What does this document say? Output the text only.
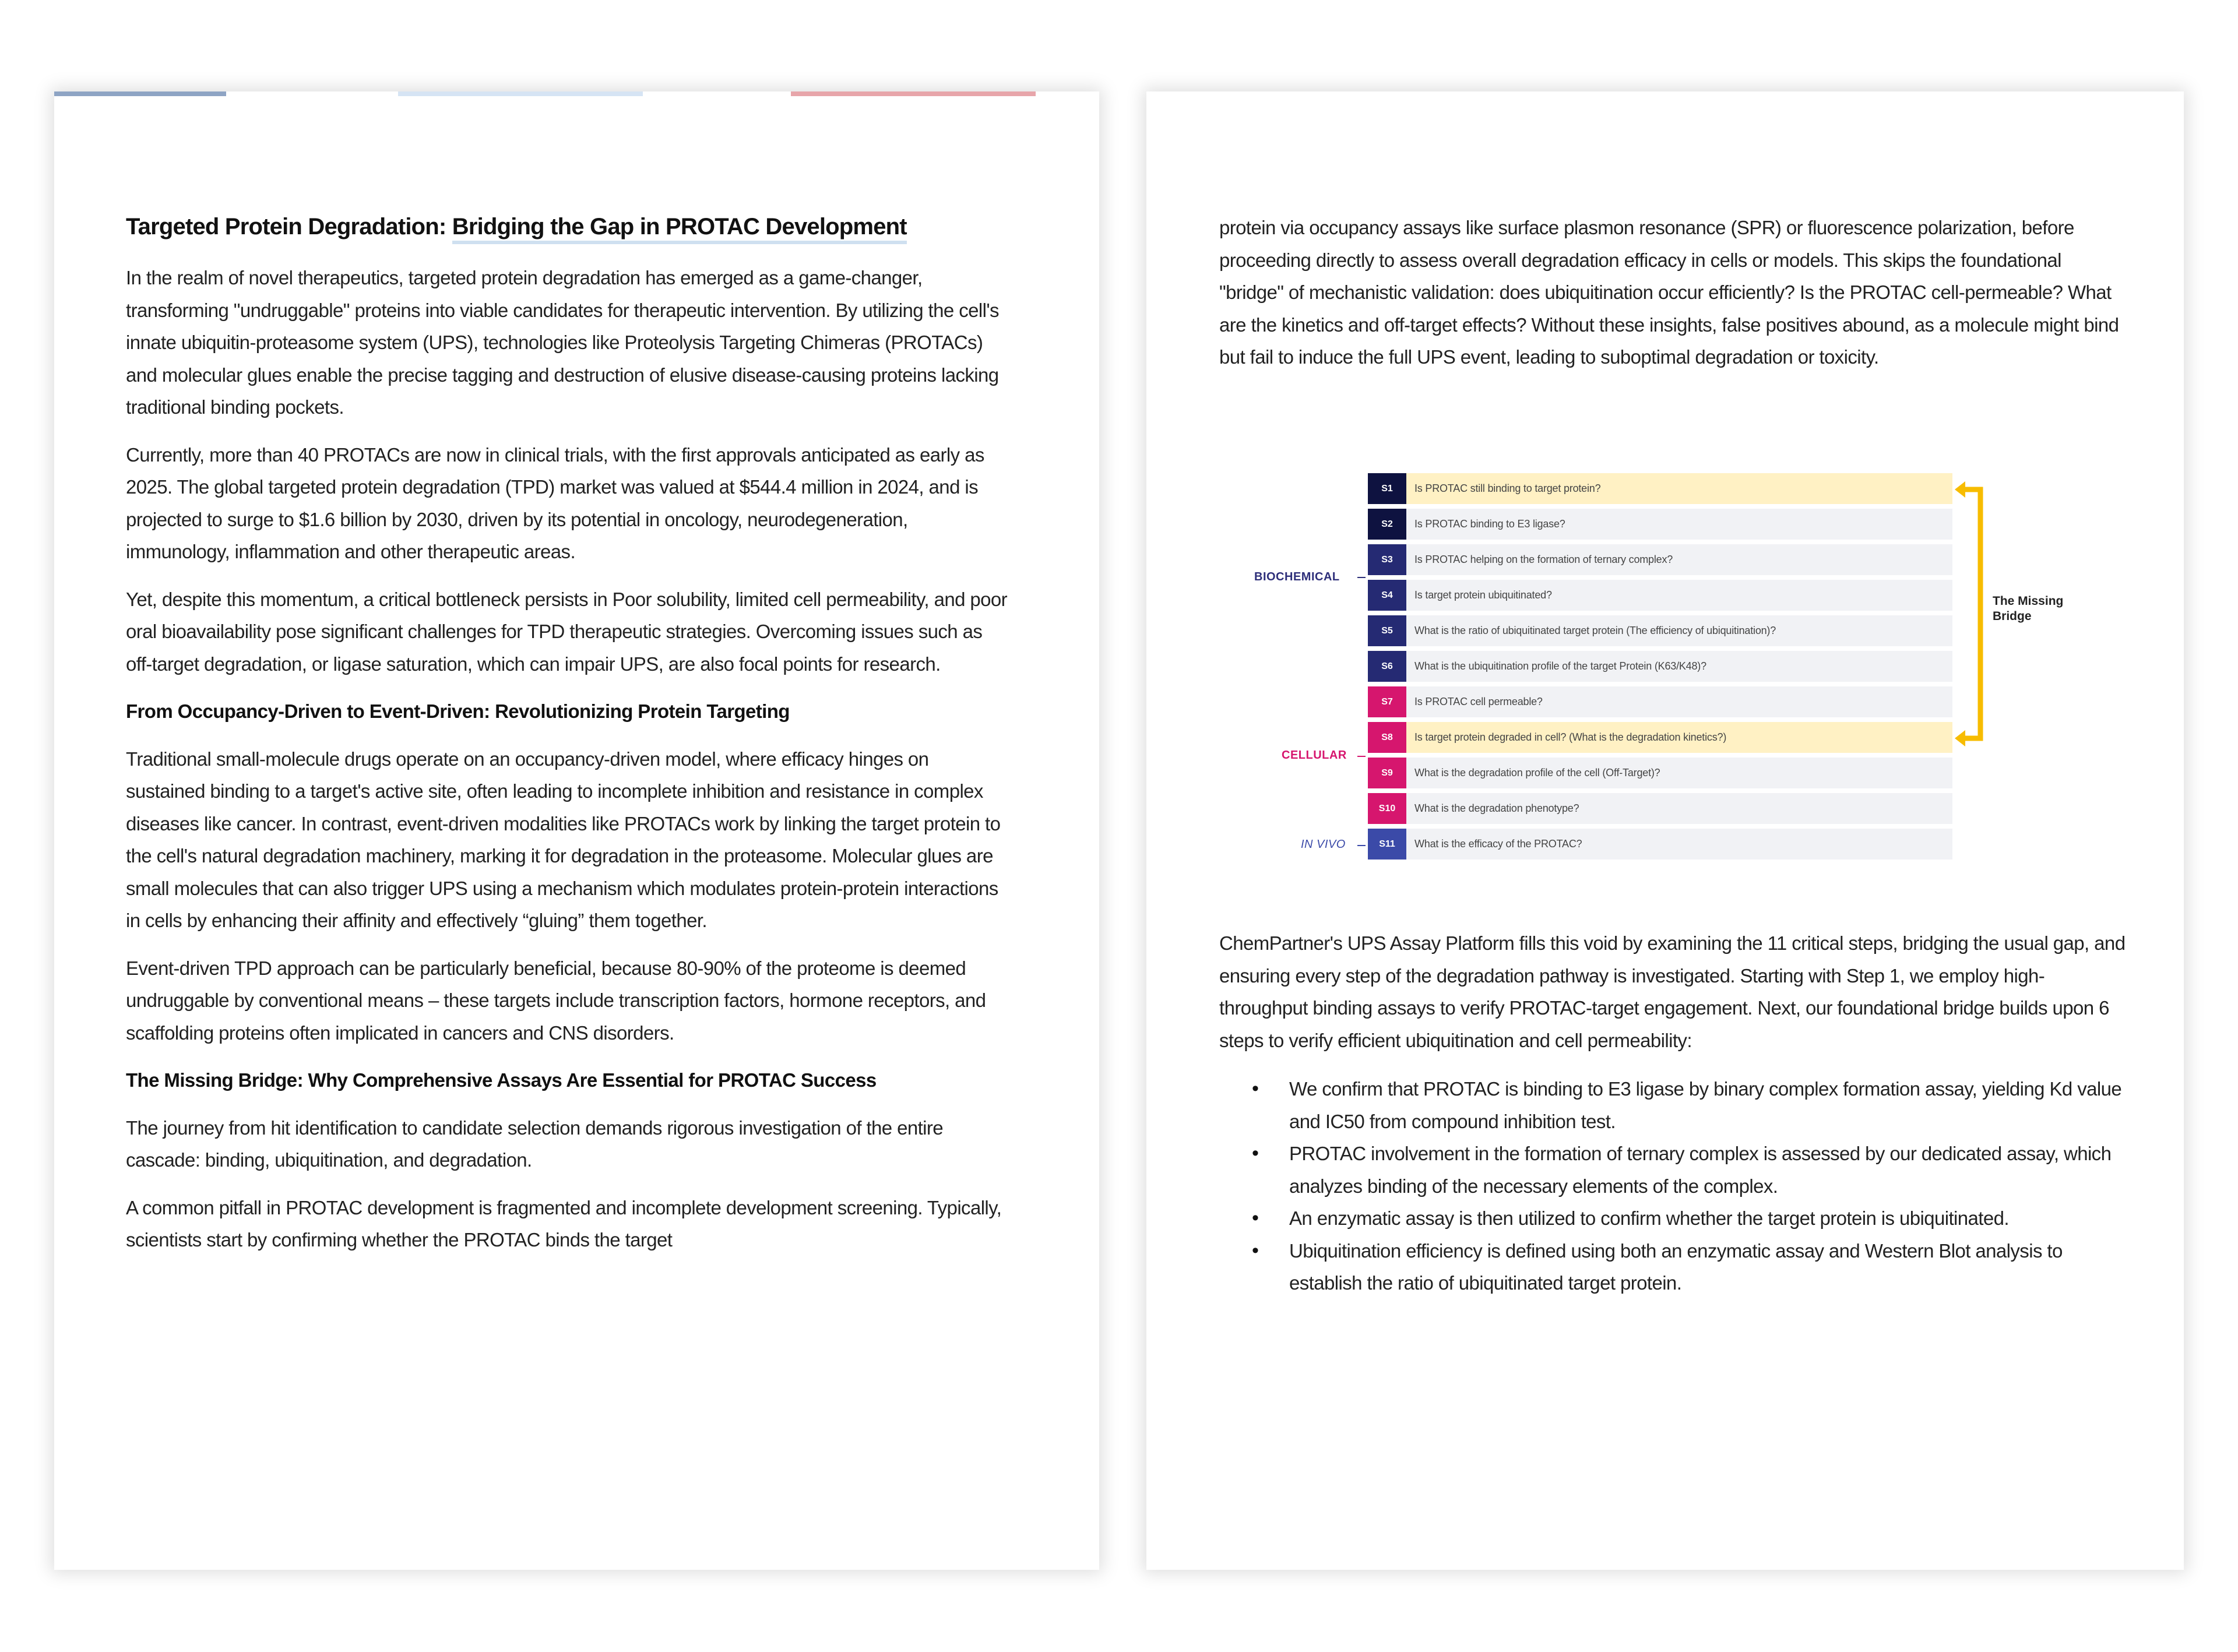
Targeted Protein Degradation: Bridging the Gap in PROTAC Development

In the realm of novel therapeutics, targeted protein degradation has emerged as a game-changer, transforming "undruggable" proteins into viable candidates for therapeutic intervention. By utilizing the cell's innate ubiquitin-proteasome system (UPS), technologies like Proteolysis Targeting Chimeras (PROTACs) and molecular glues enable the precise tagging and destruction of elusive disease-causing proteins lacking traditional binding pockets.

Currently, more than 40 PROTACs are now in clinical trials, with the first approvals anticipated as early as 2025. The global targeted protein degradation (TPD) market was valued at $544.4 million in 2024, and is projected to surge to $1.6 billion by 2030, driven by its potential in oncology, neurodegeneration, immunology, inflammation and other therapeutic areas.

Yet, despite this momentum, a critical bottleneck persists in Poor solubility, limited cell permeability, and poor oral bioavailability pose significant challenges for TPD therapeutic strategies. Overcoming issues such as off-target degradation, or ligase saturation, which can impair UPS, are also focal points for research.

From Occupancy-Driven to Event-Driven: Revolutionizing Protein Targeting

Traditional small-molecule drugs operate on an occupancy-driven model, where efficacy hinges on sustained binding to a target's active site, often leading to incomplete inhibition and resistance in complex diseases like cancer. In contrast, event-driven modalities like PROTACs work by linking the target protein to the cell's natural degradation machinery, marking it for degradation in the proteasome. Molecular glues are small molecules that can also trigger UPS using a mechanism which modulates protein-protein interactions in cells by enhancing their affinity and effectively “gluing” them together.

Event-driven TPD approach can be particularly beneficial, because 80-90% of the proteome is deemed undruggable by conventional means – these targets include transcription factors, hormone receptors, and scaffolding proteins often implicated in cancers and CNS disorders.

The Missing Bridge: Why Comprehensive Assays Are Essential for PROTAC Success

The journey from hit identification to candidate selection demands rigorous investigation of the entire cascade: binding, ubiquitination, and degradation.

A common pitfall in PROTAC development is fragmented and incomplete development screening. Typically, scientists start by confirming whether the PROTAC binds the target

protein via occupancy assays like surface plasmon resonance (SPR) or fluorescence polarization, before proceeding directly to assess overall degradation efficacy in cells or models. This skips the foundational "bridge" of mechanistic validation: does ubiquitination occur efficiently? Is the PROTAC cell-permeable? What are the kinetics and off-target effects? Without these insights, false positives abound, as a molecule might bind but fail to induce the full UPS event, leading to suboptimal degradation or toxicity.

BIOCHEMICAL
CELLULAR
IN VIVO
S1	Is PROTAC still binding to target protein?
S2	Is PROTAC binding to E3 ligase?
S3	Is PROTAC helping on the formation of ternary complex?
S4	Is target protein ubiquitinated?
S5	What is the ratio of ubiquitinated target protein (The efficiency of ubiquitination)?
S6	What is the ubiquitination profile of the target Protein (K63/K48)?
S7	Is PROTAC cell permeable?
S8	Is target protein degraded in cell? (What is the degradation kinetics?)
S9	What is the degradation profile of the cell (Off-Target)?
S10	What is the degradation phenotype?
S11	What is the efficacy of the PROTAC?
The Missing
Bridge

ChemPartner's UPS Assay Platform fills this void by examining the 11 critical steps, bridging the usual gap, and ensuring every step of the degradation pathway is investigated. Starting with Step 1, we employ high-throughput binding assays to verify PROTAC-target engagement. Next, our foundational bridge builds upon 6 steps to verify efficient ubiquitination and cell permeability:

• We confirm that PROTAC is binding to E3 ligase by binary complex formation assay, yielding Kd value and IC50 from compound inhibition test.
• PROTAC involvement in the formation of ternary complex is assessed by our dedicated assay, which analyzes binding of the necessary elements of the complex.
• An enzymatic assay is then utilized to confirm whether the target protein is ubiquitinated.
• Ubiquitination efficiency is defined using both an enzymatic assay and Western Blot analysis to establish the ratio of ubiquitinated target protein.
